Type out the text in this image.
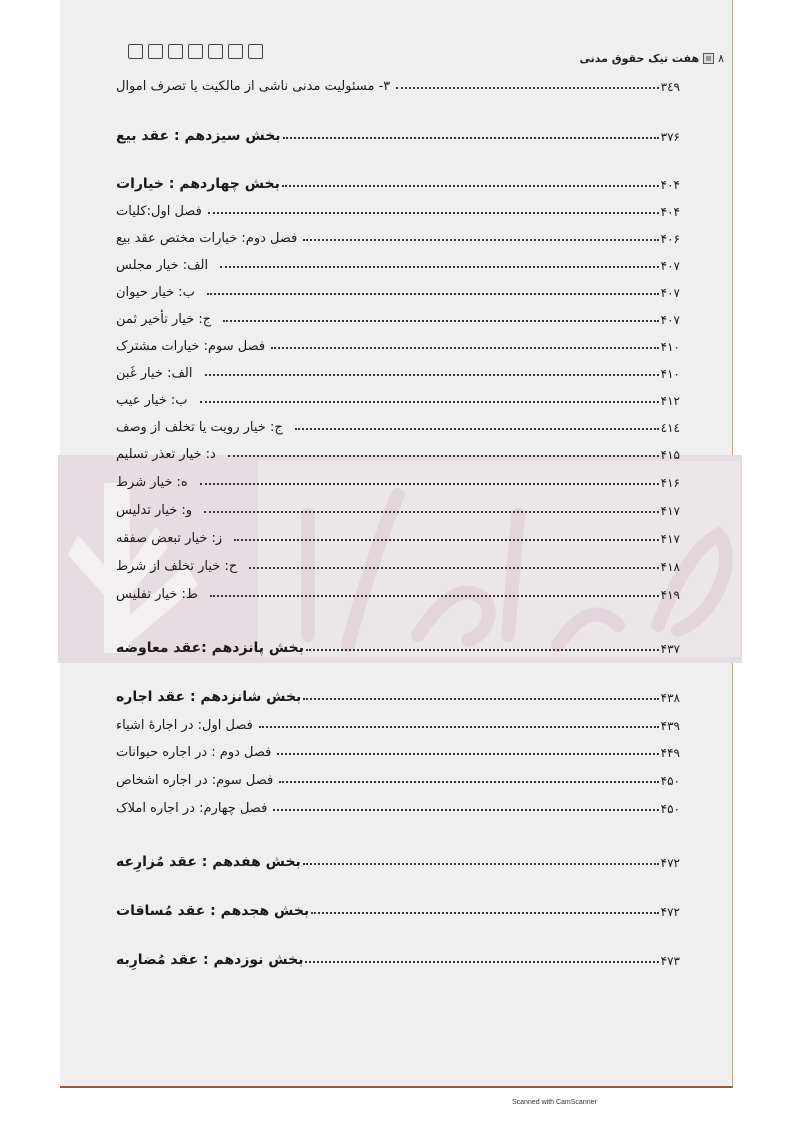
۸
هفت تیک حقوق مدنی
۳- مسئولیت مدنی ناشی از مالکیت یا تصرف اموال	۳٤۹
بخش سیزدهم : عقد بیع	۳۷۶
بخش چهاردهم : خیارات	۴۰۴
فصل اول:کلیات	۴۰۴
فصل دوم: خیارات مختص عقد بیع	۴۰۶
الف: خیار مجلس	۴۰۷
ب: خیار حیوان	۴۰۷
ج: خیار تأخیر ثمن	۴۰۷
فصل سوم: خیارات مشترک	۴۱۰
الف: خیار غَبن	۴۱۰
ب: خیار عیب	۴۱۲
ج: خیار رویت یا تخلف از وصف	٤١٤
د: خیار تعذر تسلیم	۴۱۵
ه: خیار شرط	۴۱۶
و: خیار تدلیس	۴۱۷
ز: خیار تبعض صفقه	۴۱۷
ح: خیار تخلف از شرط	۴۱۸
ط: خیار تفلیس	۴۱۹
بخش پانزدهم :عقد معاوضه	۴۳۷
بخش شانزدهم : عقد اجاره	۴۳۸
فصل اول: در اجارۀ اشیاء	۴۳۹
فصل دوم : در اجاره حیوانات	۴۴۹
فصل سوم: در اجاره اشخاص	۴۵۰
فصل چهارم: در اجاره املاک	۴۵۰
بخش هفدهم : عقد مُزارِعه	۴۷۲
بخش هجدهم : عقد مُساقات	۴۷۲
بخش نوزدهم : عقد مُضارِبه	۴۷۳
Scanned with CamScanner
